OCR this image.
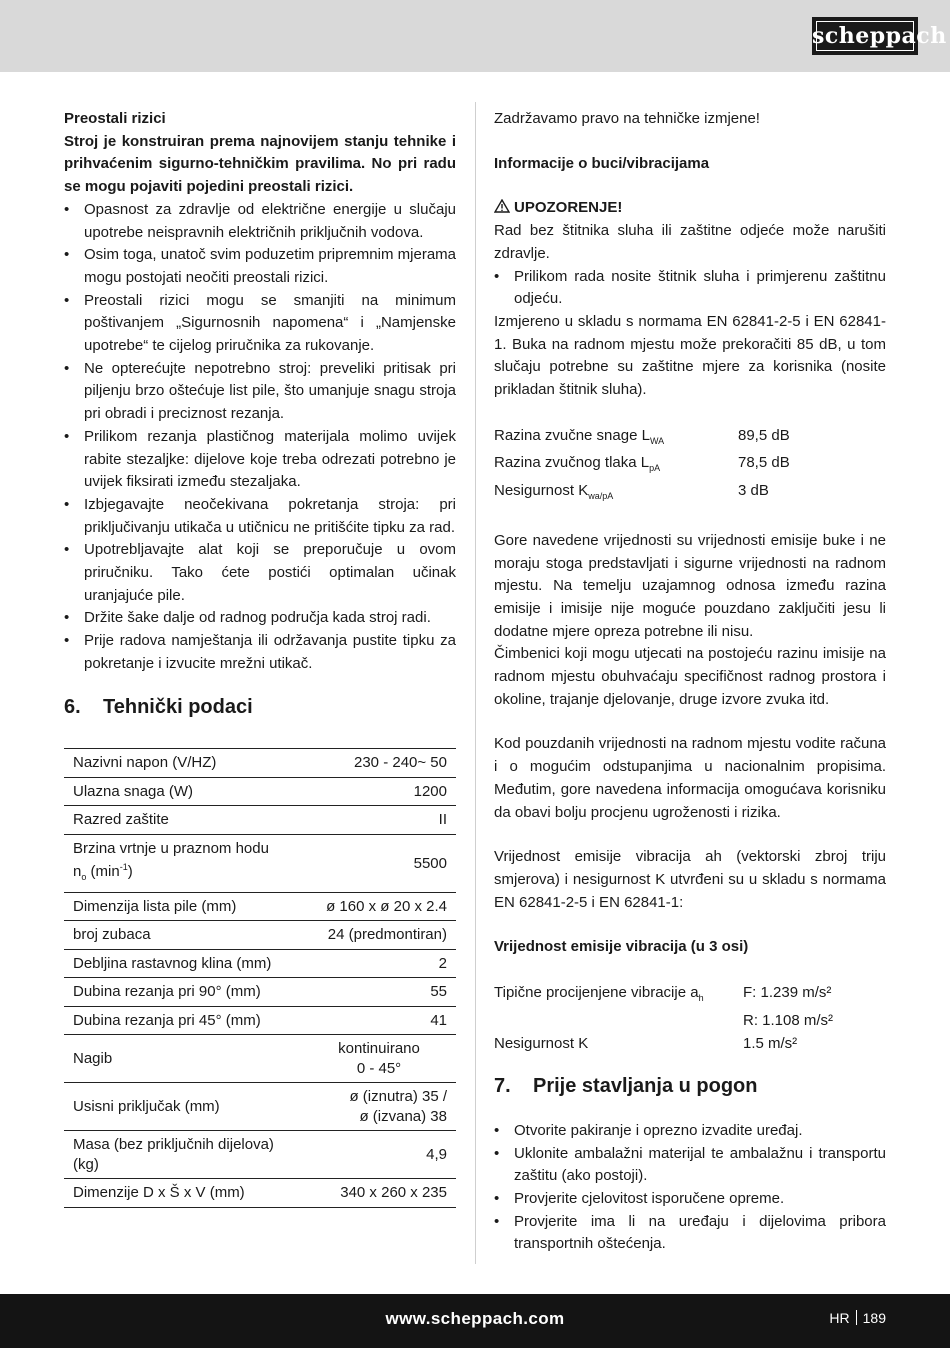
scheppach
Preostali rizici
Stroj je konstruiran prema najnovijem stanju tehnike i prihvaćenim sigurno-tehničkim pravilima. No pri radu se mogu pojaviti pojedini preostali rizici.
• Opasnost za zdravlje od električne energije u slučaju upotrebe neispravnih električnih priključnih vodova.
• Osim toga, unatoč svim poduzetim pripremnim mjerama mogu postojati neočiti preostali rizici.
• Preostali rizici mogu se smanjiti na minimum poštivanjem „Sigurnosnih napomena“ i „Namjenske upotrebe“ te cijelog priručnika za rukovanje.
• Ne opterećujte nepotrebno stroj: preveliki pritisak pri piljenju brzo oštećuje list pile, što umanjuje snagu stroja pri obradi i preciznost rezanja.
• Prilikom rezanja plastičnog materijala molimo uvijek rabite stezaljke: dijelove koje treba odrezati potrebno je uvijek fiksirati između stezaljaka.
• Izbjegavajte neočekivana pokretanja stroja: pri priključivanju utikača u utičnicu ne pritišćite tipku za rad.
• Upotrebljavajte alat koji se preporučuje u ovom priručniku. Tako ćete postići optimalan učinak uranjajuće pile.
• Držite šake dalje od radnog područja kada stroj radi.
• Prije radova namještanja ili održavanja pustite tipku za pokretanje i izvucite mrežni utikač.
6.	Tehnički podaci
Nazivni napon (V/HZ)	230 - 240~ 50
Ulazna snaga (W)	1200
Razred zaštite	II
Brzina vrtnje u praznom hodu
$n_o$ $(\min^{-1})$	5500
Dimenzija lista pile (mm)	ø 160 x ø 20 x 2.4
broj zubaca	24 (predmontiran)
Debljina rastavnog klina (mm)	2
Dubina rezanja pri 90° (mm)	55
Dubina rezanja pri 45° (mm)	41
Nagib	kontinuirano
0 - 45°
Usisni priključak (mm)	ø (iznutra) 35 /
ø (izvana) 38
Masa (bez priključnih dijelova) (kg)	4,9
Dimenzije D x Š x V (mm)	340 x 260 x 235
Zadržavamo pravo na tehničke izmjene!
Informacije o buci/vibracijama
UPOZORENJE!
Rad bez štitnika sluha ili zaštitne odjeće može narušiti zdravlje.
• Prilikom rada nosite štitnik sluha i primjerenu zaštitnu odjeću.
Izmjereno u skladu s normama EN 62841-2-5 i EN 62841-1. Buka na radnom mjestu može prekoračiti 85 dB, u tom slučaju potrebne su zaštitne mjere za korisnika (nosite prikladan štitnik sluha).
Razina zvučne snage $L_{WA}$	89,5 dB
Razina zvučnog tlaka $L_{pA}$	78,5 dB
Nesigurnost $K_{wa/pA}$	3 dB
Gore navedene vrijednosti su vrijednosti emisije buke i ne moraju stoga predstavljati i sigurne vrijednosti na radnom mjestu. Na temelju uzajamnog odnosa između razina emisije i imisije nije moguće pouzdano zaključiti jesu li dodatne mjere opreza potrebne ili nisu.
Čimbenici koji mogu utjecati na postojeću razinu imisije na radnom mjestu obuhvaćaju specifičnost radnog prostora i okoline, trajanje djelovanje, druge izvore zvuka itd.
Kod pouzdanih vrijednosti na radnom mjestu vodite računa i o mogućim odstupanjima u nacionalnim propisima. Međutim, gore navedena informacija omogućava korisniku da obavi bolju procjenu ugroženosti i rizika.
Vrijednost emisije vibracija ah (vektorski zbroj triju smjerova) i nesigurnost K utvrđeni su u skladu s normama EN 62841-2-5 i EN 62841-1:
Vrijednost emisije vibracija (u 3 osi)
Tipične procijenjene vibracije $a_h$	F: 1.239 m/s²
R: 1.108 m/s²
Nesigurnost K	1.5 m/s²
7.	Prije stavljanja u pogon
• Otvorite pakiranje i oprezno izvadite uređaj.
• Uklonite ambalažni materijal te ambalažnu i transportu zaštitu (ako postoji).
• Provjerite cjelovitost isporučene opreme.
• Provjerite ima li na uređaju i dijelovima pribora transportnih oštećenja.
www.scheppach.com	HR 189
